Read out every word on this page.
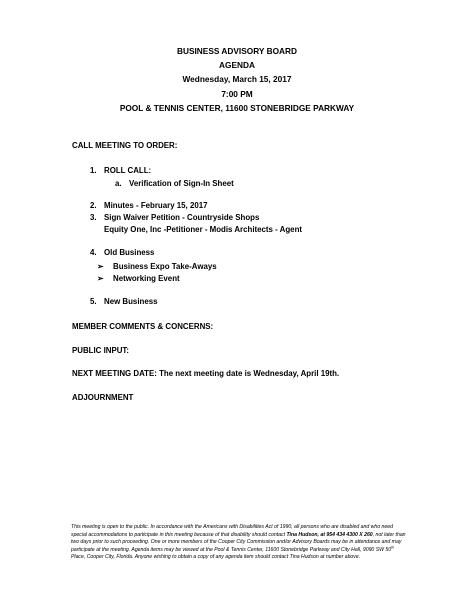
BUSINESS ADVISORY BOARD
AGENDA
Wednesday, March 15, 2017
7:00 PM
POOL & TENNIS CENTER, 11600 STONEBRIDGE PARKWAY
CALL MEETING TO ORDER:
1. ROLL CALL:
a. Verification of Sign-In Sheet
2. Minutes - February 15, 2017
3. Sign Waiver Petition - Countryside Shops
Equity One, Inc -Petitioner - Modis Architects - Agent
4. Old Business
➢ Business Expo Take-Aways
➢ Networking Event
5. New Business
MEMBER COMMENTS & CONCERNS:
PUBLIC INPUT:
NEXT MEETING DATE: The next meeting date is Wednesday, April 19th.
ADJOURNMENT
This meeting is open to the public. In accordance with the Americans with Disabilities Act of 1990, all persons who are disabled and who need special accommodations to participate in this meeting because of that disability should contact Tina Hudson, at 954 434 4300 X 260, not later than two days prior to such proceeding. One or more members of the Cooper City Commission and/or Advisory Boards may be in attendance and may participate at the meeting. Agenda items may be viewed at the Pool & Tennis Center, 11600 Stonebridge Parkway and City Hall, 9090 SW 50th Place, Cooper City, Florida. Anyone wishing to obtain a copy of any agenda item should contact Tina Hudson at number above.
